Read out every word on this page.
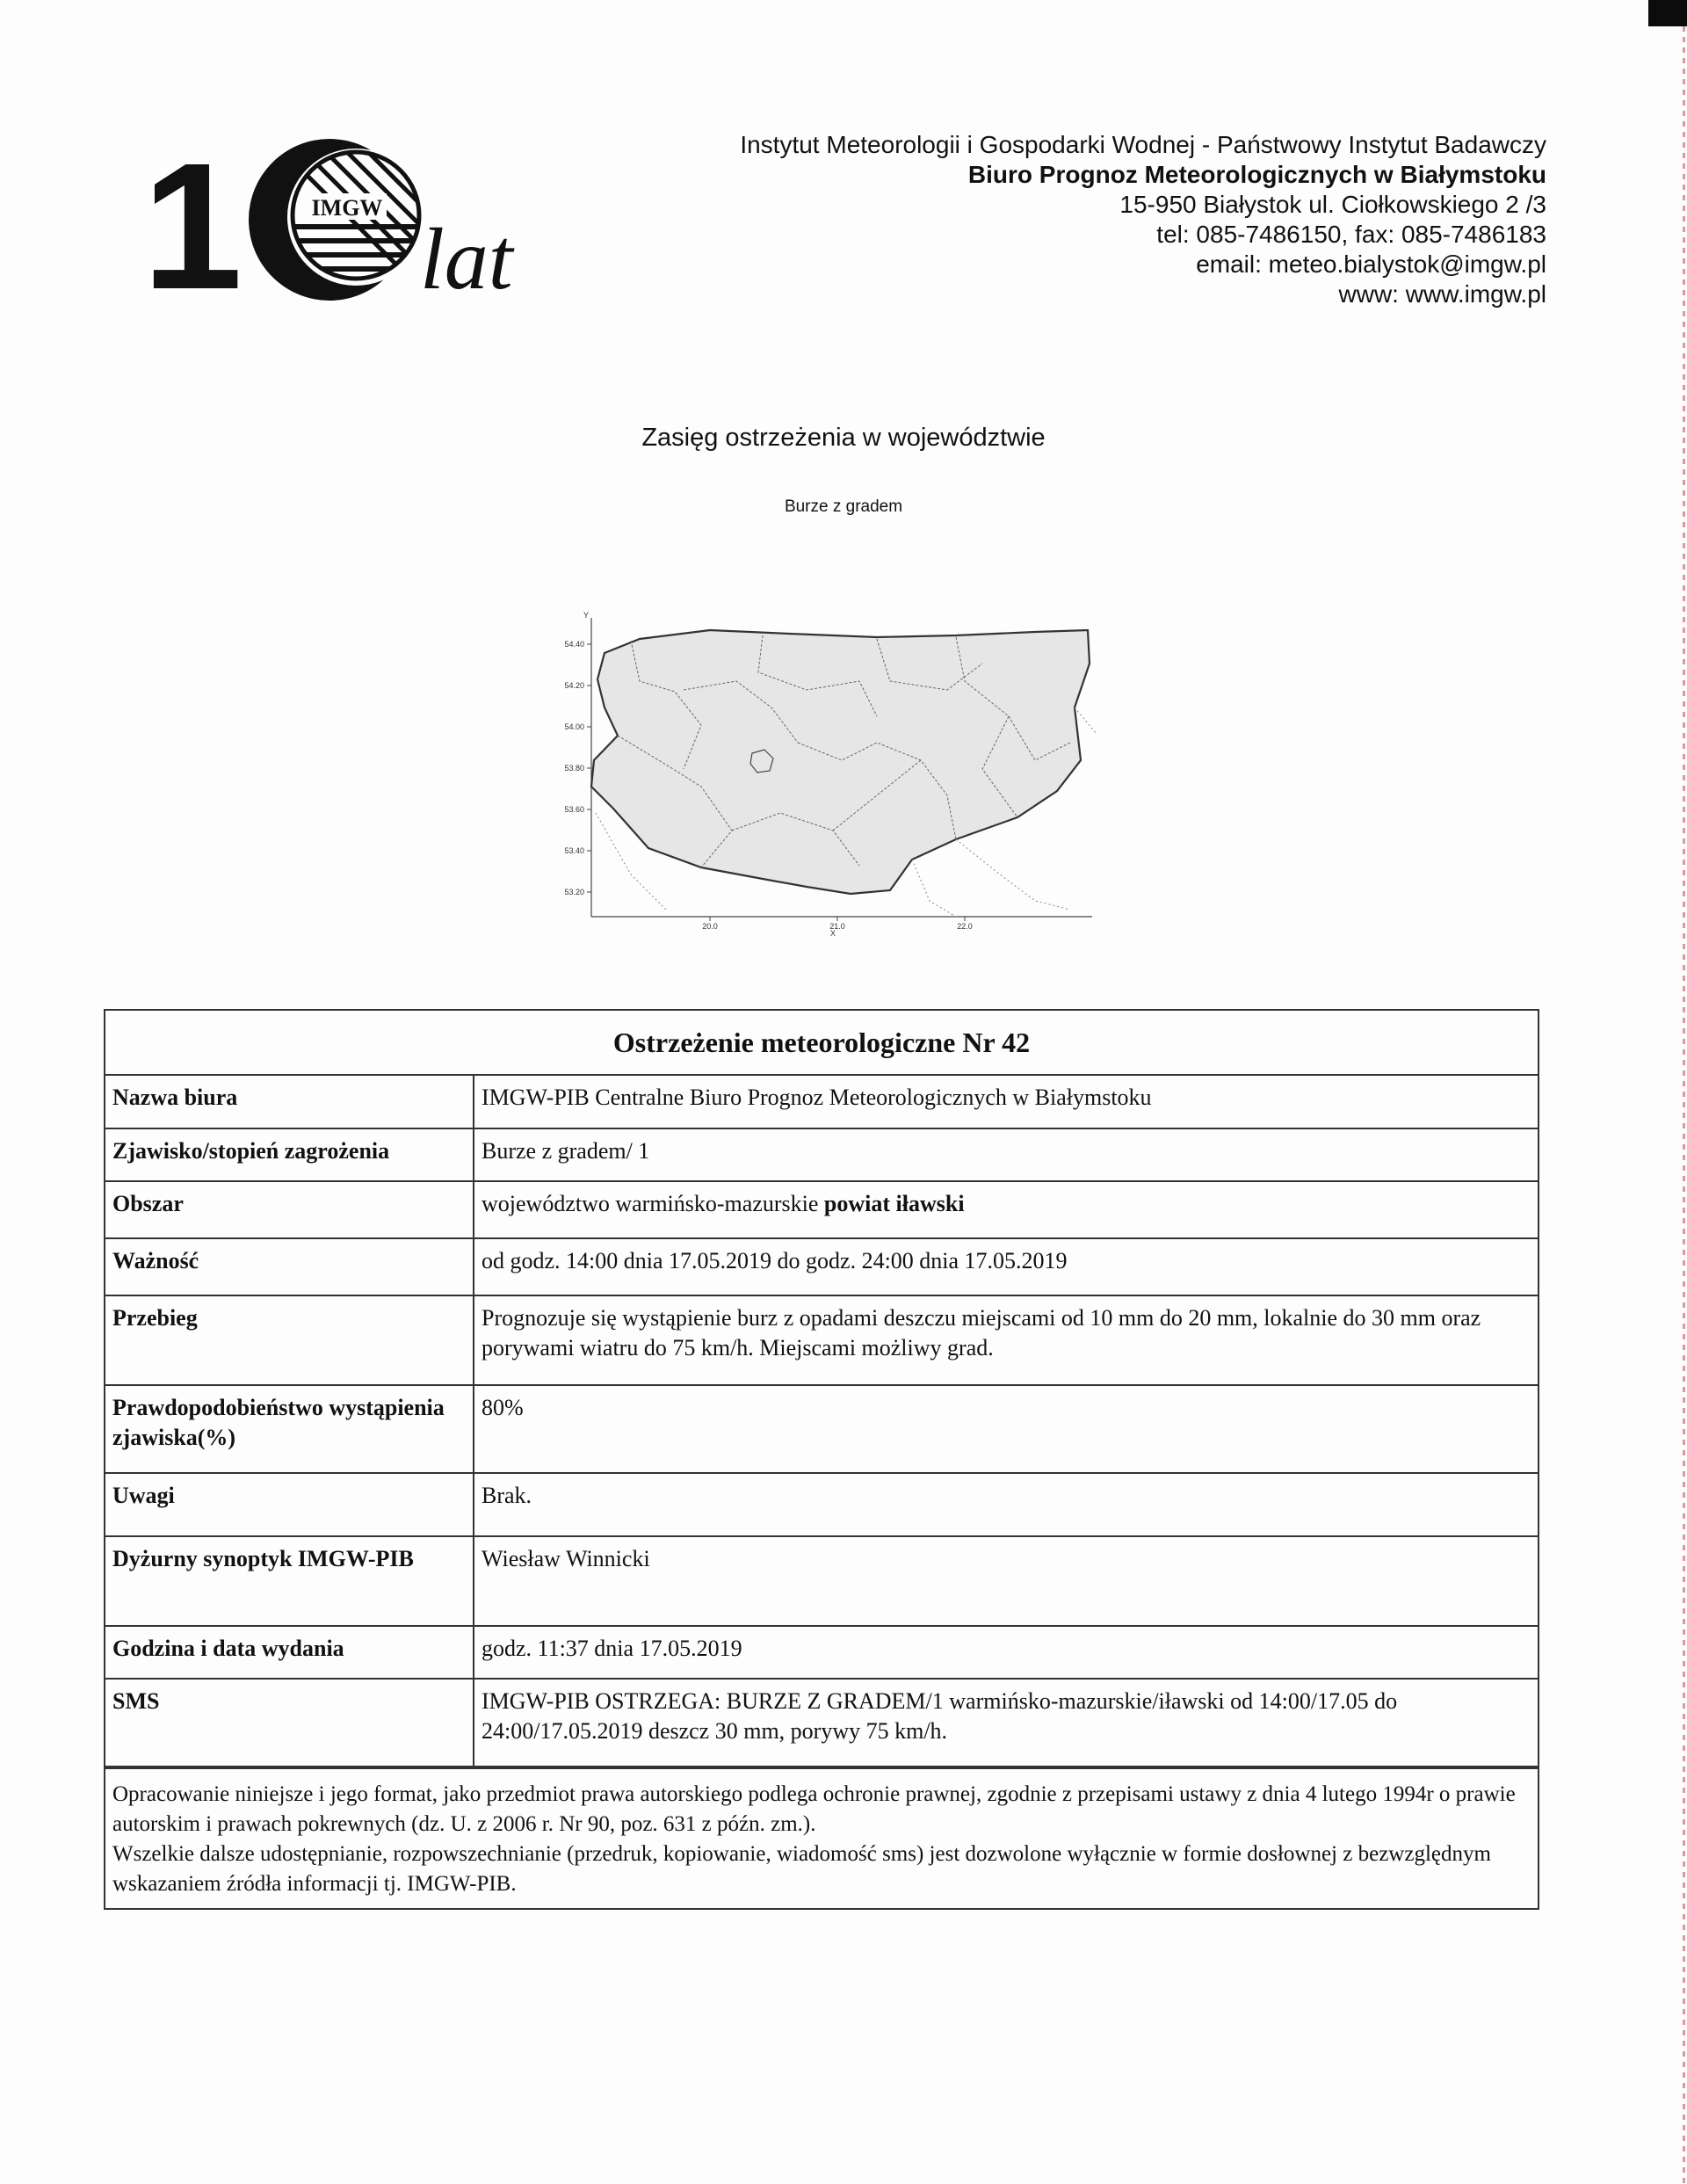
1	IMGW
lat
Instytut Meteorologii i Gospodarki Wodnej - Państwowy Instytut Badawczy
Biuro Prognoz Meteorologicznych w Białymstoku
15-950 Białystok ul. Ciołkowskiego 2 /3
tel: 085-7486150, fax: 085-7486183
email: meteo.bialystok@imgw.pl
www: www.imgw.pl
Zasięg ostrzeżenia w województwie
Burze z gradem
Y
X
54.40
54.20
54.00
53.80
53.60
53.40
53.20
20.0	21.0	22.0
Ostrzeżenie meteorologiczne Nr 42
Nazwa biura	IMGW-PIB Centralne Biuro Prognoz Meteorologicznych w Białymstoku
Zjawisko/stopień zagrożenia	Burze z gradem/ 1
Obszar	województwo warmińsko-mazurskie powiat iławski
Ważność	od godz. 14:00 dnia 17.05.2019 do godz. 24:00 dnia 17.05.2019
Przebieg	Prognozuje się wystąpienie burz z opadami deszczu miejscami od 10 mm do 20 mm, lokalnie do 30 mm oraz porywami wiatru do 75 km/h. Miejscami możliwy grad.
Prawdopodobieństwo wystąpienia zjawiska(%)	80%
Uwagi	Brak.
Dyżurny synoptyk IMGW-PIB	Wiesław Winnicki
Godzina i data wydania	godz. 11:37 dnia 17.05.2019
SMS	IMGW-PIB OSTRZEGA: BURZE Z GRADEM/1 warmińsko-mazurskie/iławski od 14:00/17.05 do 24:00/17.05.2019 deszcz 30 mm, porywy 75 km/h.

Opracowanie niniejsze i jego format, jako przedmiot prawa autorskiego podlega ochronie prawnej, zgodnie z przepisami ustawy z dnia 4 lutego 1994r o prawie autorskim i prawach pokrewnych (dz. U. z 2006 r. Nr 90, poz. 631 z późn. zm.).

Wszelkie dalsze udostępnianie, rozpowszechnianie (przedruk, kopiowanie, wiadomość sms) jest dozwolone wyłącznie w formie dosłownej z bezwzględnym wskazaniem źródła informacji tj. IMGW-PIB.
